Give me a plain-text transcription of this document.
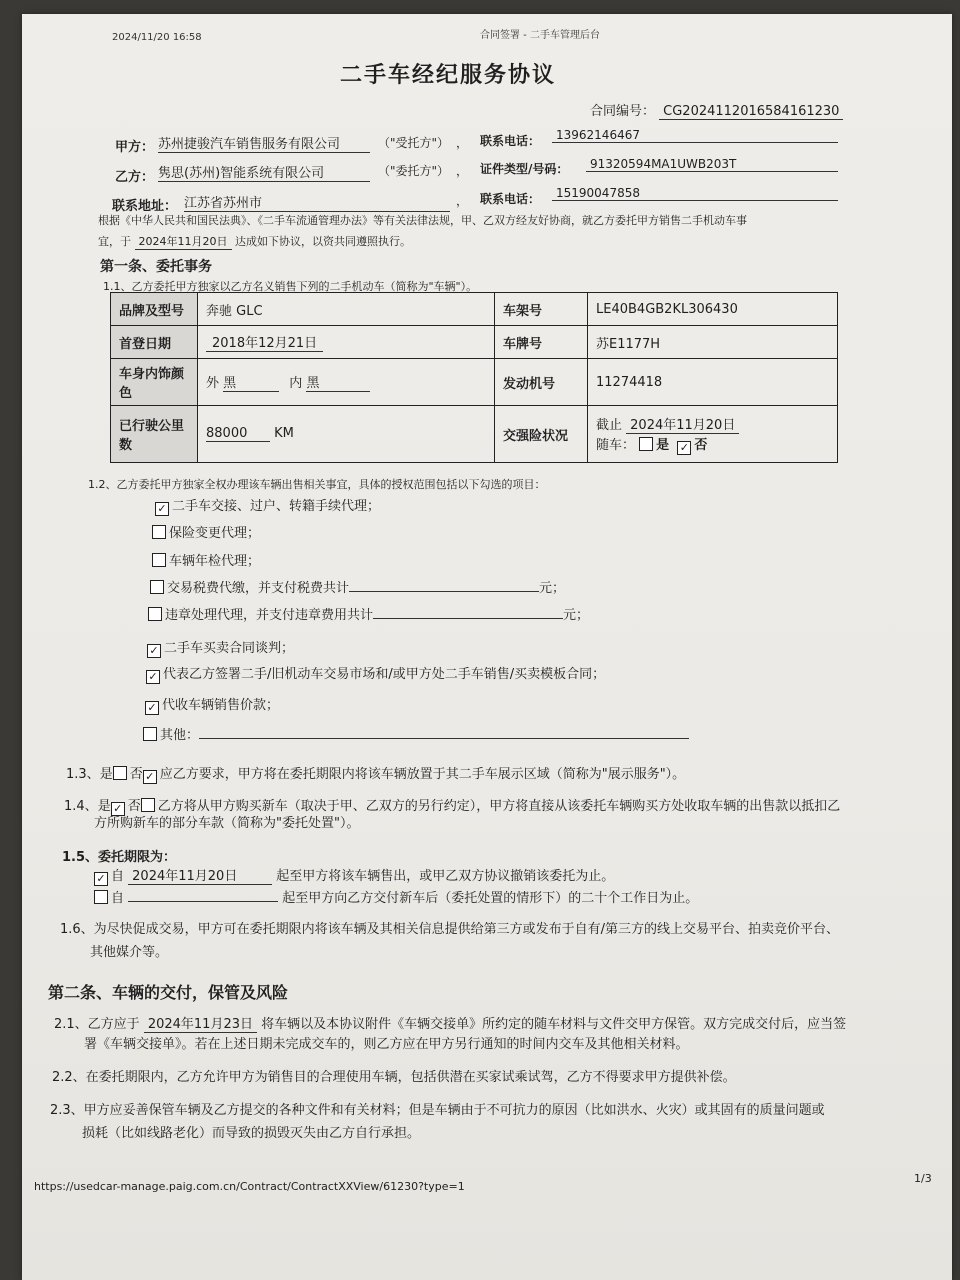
2024/11/20 16:58	合同签署 - 二手车管理后台
二手车经纪服务协议
合同编号： CG2024112016584161230
甲方： 苏州捷骏汽车销售服务有限公司	（"受托方"） ， 联系电话：	13962146467
乙方： 隽思(苏州)智能系统有限公司	（"委托方"） ， 证件类型/号码：	91320594MA1UWB203T
联系地址： 江苏省苏州市	， 联系电话：	15190047858
根据《中华人民共和国民法典》、《二手车流通管理办法》等有关法律法规，甲、乙双方经友好协商，就乙方委托甲方销售二手机动车事
宜，于 2024年11月20日 达成如下协议，以资共同遵照执行。
第一条、委托事务
1.1、乙方委托甲方独家以乙方名义销售下列的二手机动车（简称为"车辆"）。
品牌及型号	奔驰 GLC	车架号	LE40B4GB2KL306430
首登日期	2018年12月21日	车牌号	苏E1177H
车身内饰颜色	外 黑 内 黑	发动机号	11274418
已行驶公里数	88000 KM	交强险状况	截止 2024年11月20日
随车： 是 ✓ 否
1.2、乙方委托甲方独家全权办理该车辆出售相关事宜，具体的授权范围包括以下勾选的项目：
✓ 二手车交接、过户、转籍手续代理；
保险变更代理；
车辆年检代理；
交易税费代缴，并支付税费共计	元；
违章处理代理，并支付违章费用共计	元；
✓ 二手车买卖合同谈判；
✓ 代表乙方签署二手/旧机动车交易市场和/或甲方处二手车销售/买卖模板合同；
✓ 代收车辆销售价款；
其他：
1.3、是 否 ✓ 应乙方要求，甲方将在委托期限内将该车辆放置于其二手车展示区域（简称为"展示服务"）。
1.4、是 ✓ 否 乙方将从甲方购买新车（取决于甲、乙双方的另行约定），甲方将直接从该委托车辆购买方处收取车辆的出售款以抵扣乙
方所购新车的部分车款（简称为"委托处置"）。
1.5、委托期限为：
✓ 自 2024年11月20日	起至甲方将该车辆售出，或甲乙双方协议撤销该委托为止。
自	起至甲方向乙方交付新车后（委托处置的情形下）的二十个工作日为止。
1.6、为尽快促成交易，甲方可在委托期限内将该车辆及其相关信息提供给第三方或发布于自有/第三方的线上交易平台、拍卖竞价平台、
其他媒介等。
第二条、车辆的交付，保管及风险
2.1、乙方应于 2024年11月23日 将车辆以及本协议附件《车辆交接单》所约定的随车材料与文件交甲方保管。双方完成交付后，应当签
署《车辆交接单》。若在上述日期未完成交车的，则乙方应在甲方另行通知的时间内交车及其他相关材料。
2.2、在委托期限内，乙方允许甲方为销售目的合理使用车辆，包括供潜在买家试乘试驾，乙方不得要求甲方提供补偿。
2.3、甲方应妥善保管车辆及乙方提交的各种文件和有关材料；但是车辆由于不可抗力的原因（比如洪水、火灾）或其固有的质量问题或
损耗（比如线路老化）而导致的损毁灭失由乙方自行承担。
https://usedcar-manage.paig.com.cn/Contract/ContractXXView/61230?type=1
1/3
